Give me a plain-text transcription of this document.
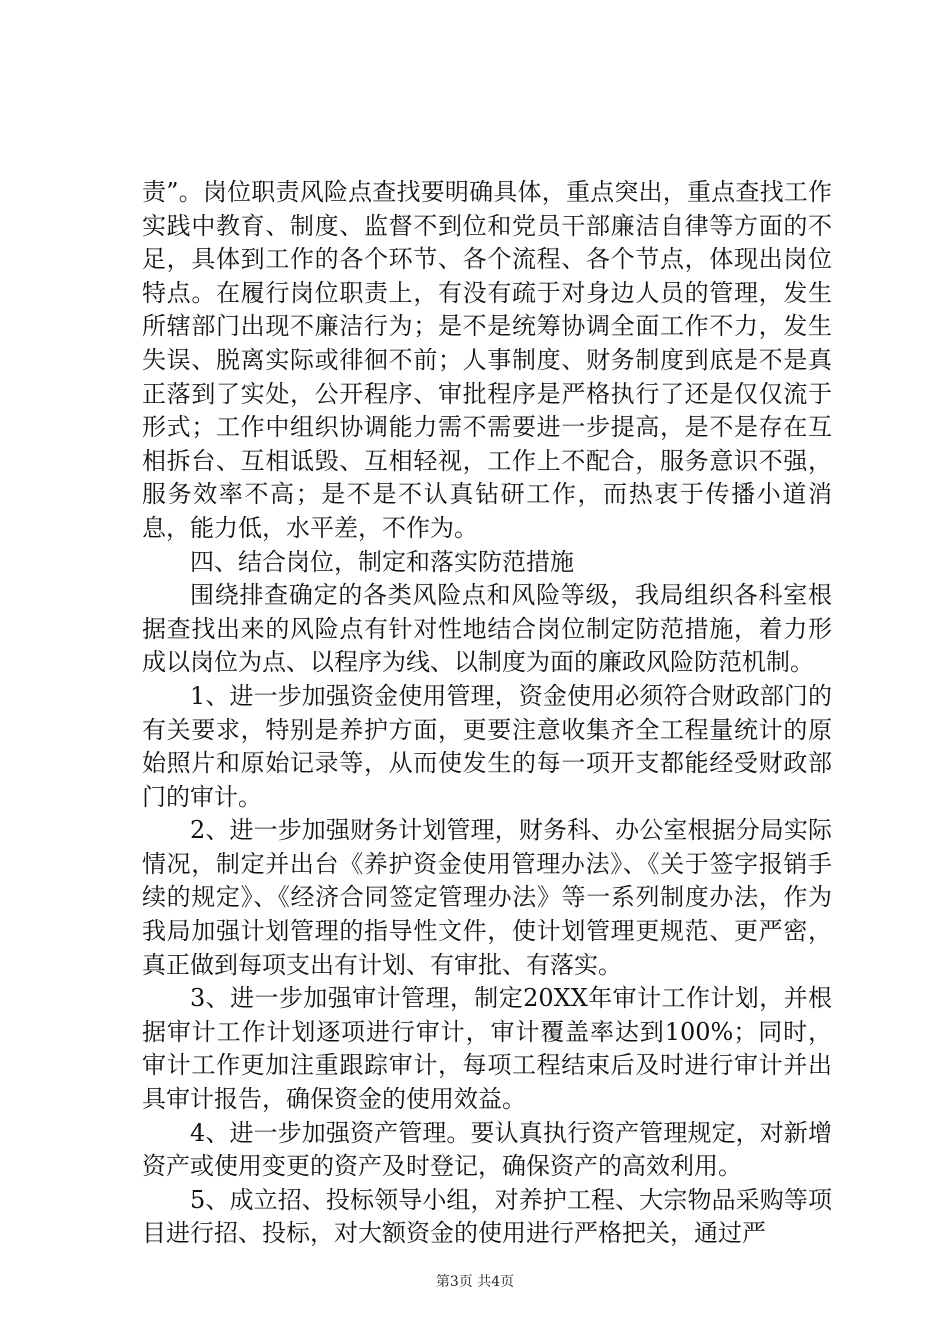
责”。岗位职责风险点查找要明确具体，重点突出，重点查找工作实践中教育、制度、监督不到位和党员干部廉洁自律等方面的不足，具体到工作的各个环节、各个流程、各个节点，体现出岗位特点。在履行岗位职责上，有没有疏于对身边人员的管理，发生所辖部门出现不廉洁行为；是不是统筹协调全面工作不力，发生失误、脱离实际或徘徊不前；人事制度、财务制度到底是不是真正落到了实处，公开程序、审批程序是严格执行了还是仅仅流于形式；工作中组织协调能力需不需要进一步提高，是不是存在互相拆台、互相诋毁、互相轻视，工作上不配合，服务意识不强，服务效率不高；是不是不认真钻研工作，而热衷于传播小道消息，能力低，水平差，不作为。

四、结合岗位，制定和落实防范措施

围绕排查确定的各类风险点和风险等级，我局组织各科室根据查找出来的风险点有针对性地结合岗位制定防范措施，着力形成以岗位为点、以程序为线、以制度为面的廉政风险防范机制。

1、进一步加强资金使用管理，资金使用必须符合财政部门的有关要求，特别是养护方面，更要注意收集齐全工程量统计的原始照片和原始记录等，从而使发生的每一项开支都能经受财政部门的审计。

2、进一步加强财务计划管理，财务科、办公室根据分局实际情况，制定并出台《养护资金使用管理办法》、《关于签字报销手续的规定》、《经济合同签定管理办法》等一系列制度办法，作为我局加强计划管理的指导性文件，使计划管理更规范、更严密，真正做到每项支出有计划、有审批、有落实。

3、进一步加强审计管理，制定20XX年审计工作计划，并根据审计工作计划逐项进行审计，审计覆盖率达到100%；同时，审计工作更加注重跟踪审计，每项工程结束后及时进行审计并出具审计报告，确保资金的使用效益。

4、进一步加强资产管理。要认真执行资产管理规定，对新增资产或使用变更的资产及时登记，确保资产的高效利用。

5、成立招、投标领导小组，对养护工程、大宗物品采购等项目进行招、投标，对大额资金的使用进行严格把关，通过严

第3页 共4页
